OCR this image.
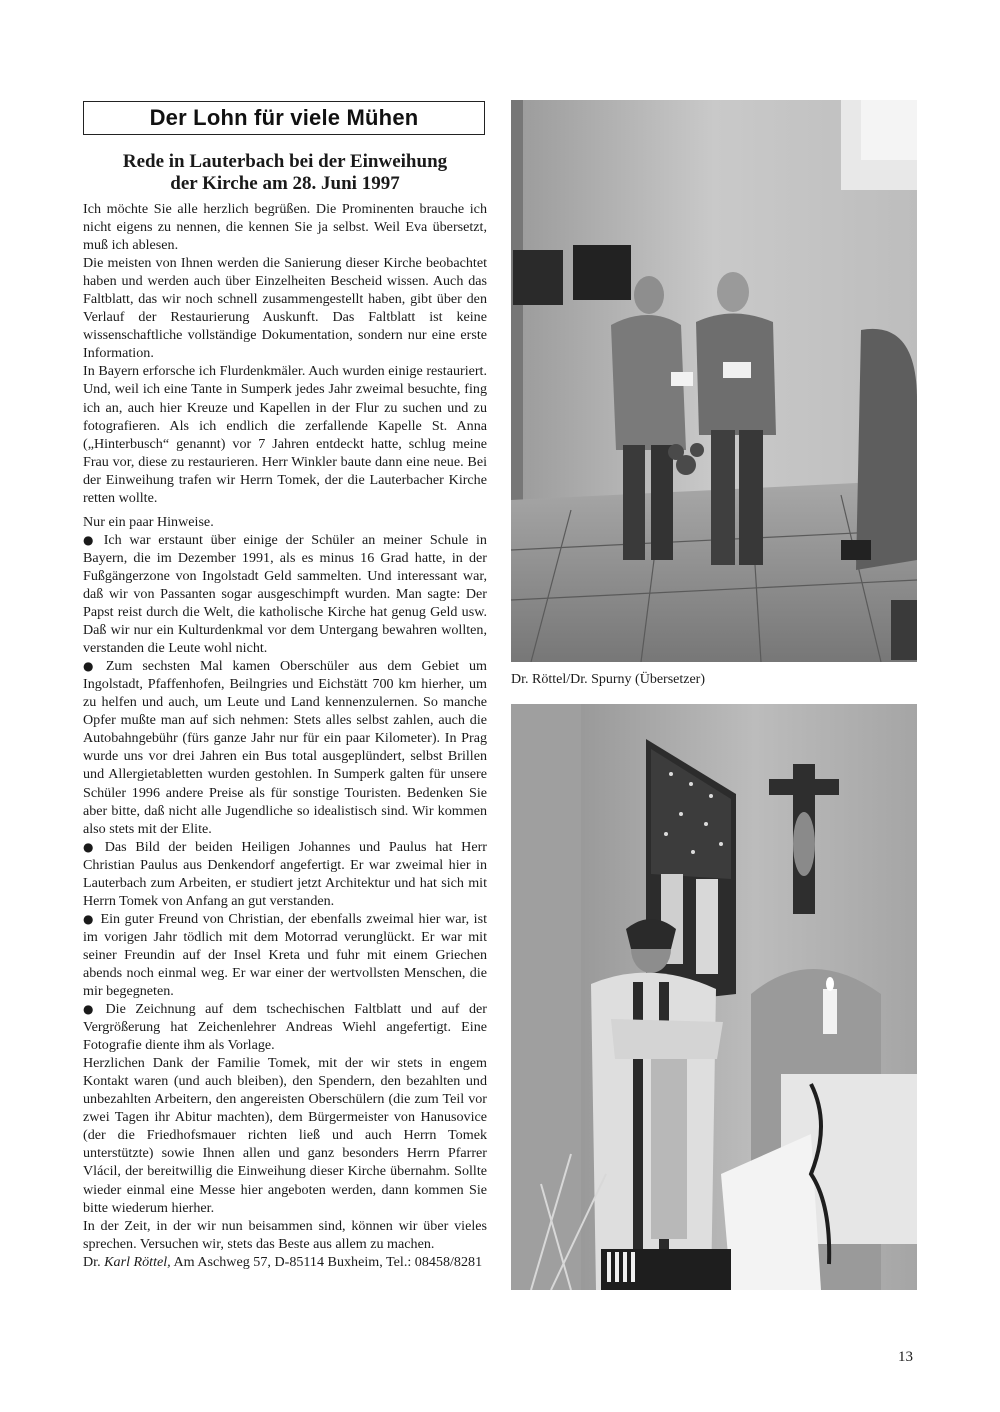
Der Lohn für viele Mühen
Rede in Lauterbach bei der Einweihung
der Kirche am 28. Juni 1997

Ich möchte Sie alle herzlich begrüßen. Die Prominenten brauche ich nicht eigens zu nennen, die kennen Sie ja selbst. Weil Eva übersetzt, muß ich ablesen.

Die meisten von Ihnen werden die Sanierung dieser Kirche beobachtet haben und werden auch über Einzelheiten Bescheid wissen. Auch das Faltblatt, das wir noch schnell zusammengestellt haben, gibt über den Verlauf der Restaurierung Auskunft. Das Faltblatt ist keine wissenschaftliche vollständige Dokumentation, sondern nur eine erste Information.

In Bayern erforsche ich Flurdenkmäler. Auch wurden einige restauriert. Und, weil ich eine Tante in Sumperk jedes Jahr zweimal besuchte, fing ich an, auch hier Kreuze und Kapellen in der Flur zu suchen und zu fotografieren. Als ich endlich die zerfallende Kapelle St. Anna („Hinterbusch“ genannt) vor 7 Jahren entdeckt hatte, schlug meine Frau vor, diese zu restaurieren. Herr Winkler baute dann eine neue. Bei der Einweihung trafen wir Herrn Tomek, der die Lauterbacher Kirche retten wollte.

Nur ein paar Hinweise.

● Ich war erstaunt über einige der Schüler an meiner Schule in Bayern, die im Dezember 1991, als es minus 16 Grad hatte, in der Fußgängerzone von Ingolstadt Geld sammelten. Und interessant war, daß wir von Passanten sogar ausgeschimpft wurden. Man sagte: Der Papst reist durch die Welt, die katholische Kirche hat genug Geld usw. Daß wir nur ein Kulturdenkmal vor dem Untergang bewahren wollten, verstanden die Leute wohl nicht.

● Zum sechsten Mal kamen Oberschüler aus dem Gebiet um Ingolstadt, Pfaffenhofen, Beilngries und Eichstätt 700 km hierher, um zu helfen und auch, um Leute und Land kennenzulernen. So manche Opfer mußte man auf sich nehmen: Stets alles selbst zahlen, auch die Autobahngebühr (fürs ganze Jahr nur für ein paar Kilometer). In Prag wurde uns vor drei Jahren ein Bus total ausgeplündert, selbst Brillen und Allergietabletten wurden gestohlen. In Sumperk galten für unsere Schüler 1996 andere Preise als für sonstige Touristen. Bedenken Sie aber bitte, daß nicht alle Jugendliche so idealistisch sind. Wir kommen also stets mit der Elite.

● Das Bild der beiden Heiligen Johannes und Paulus hat Herr Christian Paulus aus Denkendorf angefertigt. Er war zweimal hier in Lauterbach zum Arbeiten, er studiert jetzt Architektur und hat sich mit Herrn Tomek von Anfang an gut verstanden.

● Ein guter Freund von Christian, der ebenfalls zweimal hier war, ist im vorigen Jahr tödlich mit dem Motorrad verunglückt. Er war mit seiner Freundin auf der Insel Kreta und fuhr mit einem Griechen abends noch einmal weg. Er war einer der wertvollsten Menschen, die mir begegneten.

● Die Zeichnung auf dem tschechischen Faltblatt und auf der Vergrößerung hat Zeichenlehrer Andreas Wiehl angefertigt. Eine Fotografie diente ihm als Vorlage.

Herzlichen Dank der Familie Tomek, mit der wir stets in engem Kontakt waren (und auch bleiben), den Spendern, den bezahlten und unbezahlten Arbeitern, den angereisten Oberschülern (die zum Teil vor zwei Tagen ihr Abitur machten), dem Bürgermeister von Hanusovice (der die Friedhofsmauer richten ließ und auch Herrn Tomek unterstützte) sowie Ihnen allen und ganz besonders Herrn Pfarrer Vlácil, der bereitwillig die Einweihung dieser Kirche übernahm. Sollte wieder einmal eine Messe hier angeboten werden, dann kommen Sie bitte wiederum hierher.

In der Zeit, in der wir nun beisammen sind, können wir über vieles sprechen. Versuchen wir, stets das Beste aus allem zu machen.

Dr. Karl Röttel, Am Aschweg 57, D-85114 Buxheim, Tel.: 08458/8281

Dr. Röttel/Dr. Spurny (Übersetzer)
13
